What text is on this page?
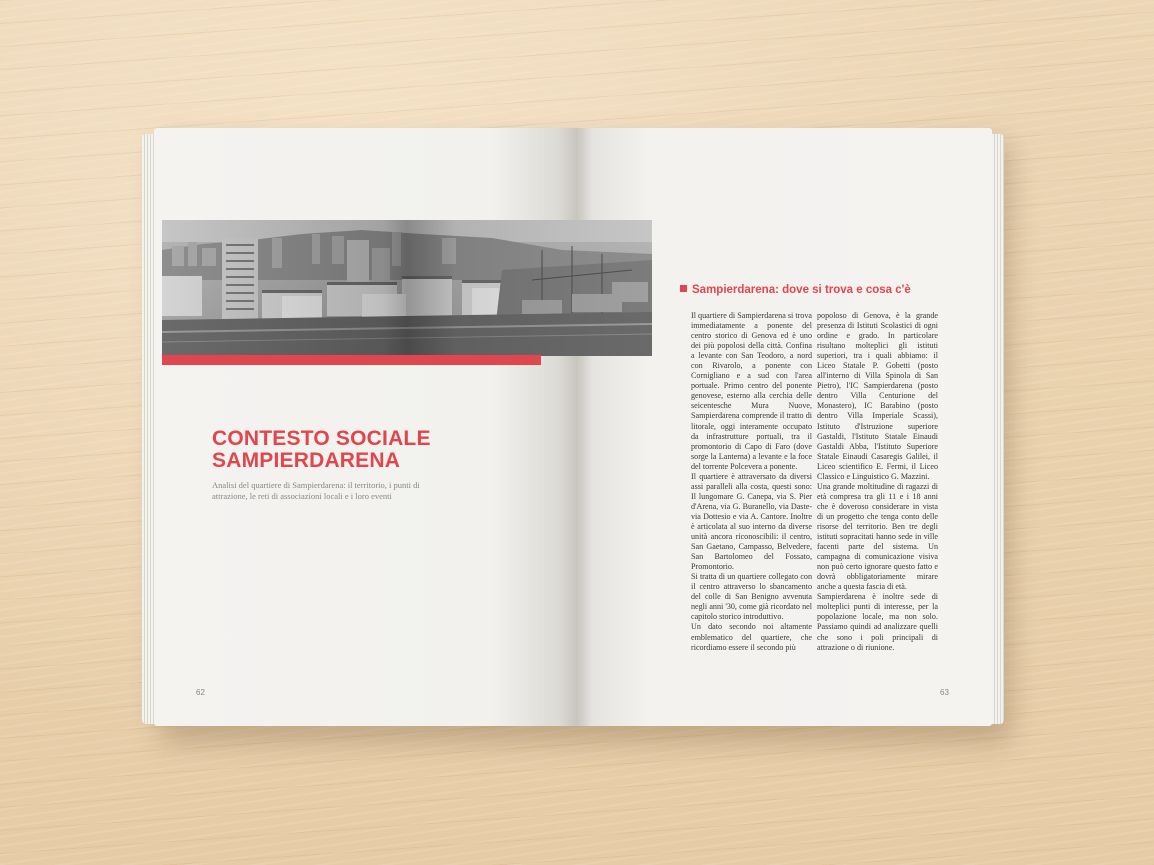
CONTESTO SOCIALE
SAMPIERDARENA
Analisi del quartiere di Sampierdarena: il territorio, i punti di attrazione, le reti di associazioni locali e i loro eventi
62
Sampierdarena: dove si trova e cosa c'è
Il quartiere di Sampierdarena si trova immediatamente a ponente del centro storico di Genova ed è uno dei più popolosi della città. Confina a levante con San Teodoro, a nord con Rivarolo, a ponente con Cornigliano e a sud con l'area portuale. Primo centro del ponente genovese, esterno alla cerchia delle seicentesche Mura Nuove, Sampierdarena comprende il tratto di litorale, oggi interamente occupato da infrastrutture portuali, tra il promontorio di Capo di Faro (dove sorge la Lanterna) a levante e la foce del torrente Polcevera a ponente.
Il quartiere è attraversato da diversi assi paralleli alla costa, questi sono: Il lungomare G. Canepa, via S. Pier d'Arena, via G. Buranello, via Daste-via Dottesio e via A. Cantore. Inoltre è articolata al suo interno da diverse unità ancora riconoscibili: il centro, San Gaetano, Campasso, Belvedere, San Bartolomeo del Fossato, Promontorio.
Si tratta di un quartiere collegato con il centro attraverso lo sbancamento del colle di San Benigno avvenuta negli anni '30, come già ricordato nel capitolo storico introduttivo.
Un dato secondo noi altamente emblematico del quartiere, che ricordiamo essere il secondo più
popoloso di Genova, è la grande presenza di Istituti Scolastici di ogni ordine e grado. In particolare risultano molteplici gli istituti superiori, tra i quali abbiamo: il Liceo Statale P. Gobetti (posto all'interno di Villa Spinola di San Pietro), l'IC Sampierdarena (posto dentro Villa Centurione del Monastero), IC Barabino (posto dentro Villa Imperiale Scassi), Istituto d'Istruzione superiore Gastaldi, l'Istituto Statale Einaudi Gastaldi Abba, l'Istituto Superiore Statale Einaudi Casaregis Galilei, il Liceo scientifico E. Fermi, il Liceo Classico e Linguistico G. Mazzini.
Una grande moltitudine di ragazzi di età compresa tra gli 11 e i 18 anni che è doveroso considerare in vista di un progetto che tenga conto delle risorse del territorio. Ben tre degli istituti sopracitati hanno sede in ville facenti parte del sistema. Un campagna di comunicazione visiva non può certo ignorare questo fatto e dovrà obbligatoriamente mirare anche a questa fascia di età.
Sampierdarena è inoltre sede di molteplici punti di interesse, per la popolazione locale, ma non solo. Passiamo quindi ad analizzare quelli che sono i poli principali di attrazione o di riunione.
63
